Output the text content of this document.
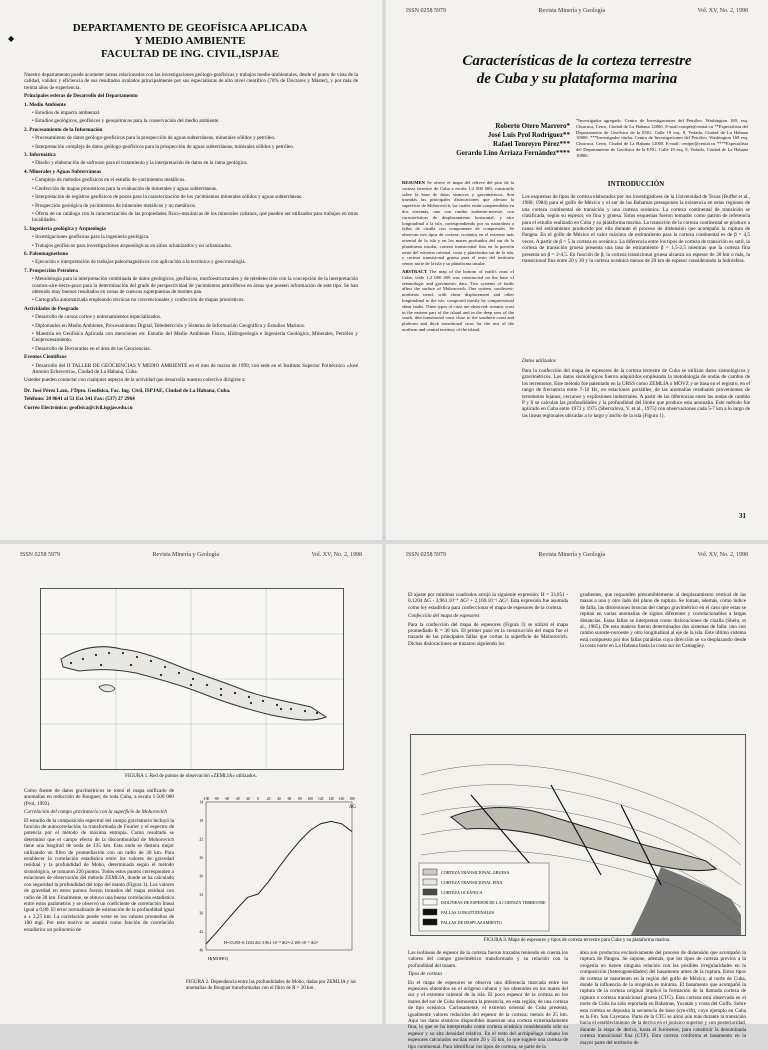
◆
DEPARTAMENTO DE GEOFÍSICA APLICADA
Y MEDIO AMBIENTE
FACULTAD DE ING. CIVIL,ISPJAE

Nuestro departamento puede acometer tareas relacionadas con las investigaciones geólogo-geofísicas y trabajos medio-ambientales, desde el punto de vista de la calidad, validez y eficiencia de sus resultados avalados principalmente por sus especialistas de alto nivel científico (70% de Doctores y Máster), y por más de treinta años de experiencia.

Principales esferas de Desarrollo del Departamento

1. Medio Ambiente

• Estudios de impacto ambiental.

• Estudios geológicos, geofísicos y geoquímicos para la conservación del medio ambiente.

2. Procesamiento de la Información

• Procesamiento de datos geólogo-geofísicos para la prospección de aguas subterráneas, minerales sólidos y petróleo.

• Interpretación compleja de datos geólogo-geofísicos para la prospección de aguas subterráneas, minerales sólidos y petróleo.

3. Informática

• Diseño y elaboración de software para el tratamiento y la interpretación de datos en la rama geológica.

4. Minerales y Aguas Subterráneas

• Complejo de métodos geofísicos en el estudio de yacimientos metálicos.

• Confección de mapas pronósticos para la evaluación de minerales y aguas subterráneas.

• Interpretación de registros geofísicos de pozos para la caracterización de los yacimientos minerales sólidos y aguas subterráneas.

• Prospección geológica de yacimientos de minerales metálicos y no metálicos.

• Oferta de un catálogo con la caracterización de las propiedades físico-mecánicas de los minerales cubanos, que pueden ser utilizados para trabajos en otras localidades.

5. Ingeniería geológica y Arqueología

• Investigaciones geofísicas para la ingeniería geológica.

• Trabajos geofísicos para investigaciones arqueológicas en sitios urbanizados y no urbanizados.

6. Paleomagnetismo

• Ejecución e interpretación de trabajos paleomagnéticos con aplicación a la tectónica y geocronología.

7. Prospección Petrolera

• Metodología para la interpretación combinada de datos geológicos, geofísicos, morfoestructurales y de teledetección con la concepción de la interpretación cosmos-aire-tierra-pozo para la determinación del grado de perspectividad de yacimientos petrolíferos en áreas que poseen información de este tipo. Se han obtenido muy buenos resultados en zonas de cuencas superpuestas de montes pan.

• Cartografía automatizada empleando técnicas no convencionales y confección de mapas pronósticos.

Actividades de Posgrado

• Desarrollo de cursos cortos y entrenamientos especializados.

• Diplomados en Medio Ambiente, Procesamiento Digital, Teledetección y Sistema de Información Geográfica y Estudios Marinos.

• Maestría en Geofísica Aplicada con menciones en: Estudio del Medio Ambiente Físico, Hidrogeología e Ingeniería Geológica, Minerales, Petróleo y Geoprocesamiento.

• Desarrollo de Doctorados en el área de las Geociencias.

Eventos Científicos

• Desarrollo del II TALLER DE GEOCIENCIAS Y MEDIO AMBIENTE en el mes de marzo de 1999, con sede en el Instituto Superior Politécnico «José Antonio Echeverría», Ciudad de La Habana, Cuba.

Ustedes pueden contactar con cualquier aspecto de la actividad que desarrolla nuestro colectivo dirigirse a:

Dr. José Pérez Lazo, J'Dpto. Geofísica, Fac. Ing. Civil, ISPJAE, Ciudad de La Habana, Cuba.

Teléfono: 20 8641 al 51 Ext 341 Fax: (537) 27 2964

Correo Electrónico: geofisica@civil.ispjae.edu.cu

ISSN 0258 5979	Revista Minería y Geología	Vol. XV, No. 2, 1998
Características de la corteza terrestre
de Cuba y su plataforma marina
Roberto Otero Marrero*
José Luis Prol Rodríguez**
Rafael Tenreyro Pérez***
Gerardo Lino Arriaza Fernández****
*Investigador agregado. Centro de Investigaciones del Petróleo. Washington 169, esq. Churruca, Cerro, Ciudad de La Habana 12000. E-mail:cenipet@ceniai.cu **Especialista del Departamento de Geofísica de la ENG. Calle 19 esq. 8, Vedado, Ciudad de La Habana 10800. ***Investigador titular. Centro de Investigaciones del Petróleo. Washington 169 esq. Churruca, Cerro, Ciudad de La Habana 12000. E-mail: cenipet@ceniai.cu ****Especialista del Departamento de Geofísica de la ENG. Calle 19 esq. 8, Vedado, Ciudad de La Habana 10800.

RESUMEN Se ofrece el mapa del relieve del piso de la corteza terrestre de Cuba a escala 1:2 000 000, construido sobre la base de datos sísmicos y gravimétricos. Son trazadas las principales dislocaciones que afectan la superficie de Mohorovich, las cuales están comprendidas en dos sistemas, uno con rumbo sudoeste-noreste, con características de desplazamiento horizontal, y otro longitudinal a la isla, correspondiendo por su naturaleza a fallas de cizalla con componente de compresión. Se observan tres tipos de corteza: oceánica en el extremo más oriental de la isla y en los mares profundos del sur de la plataforma insular, corteza transicional fina en la porción oeste del extremo oriental, costa y plataforma sur de la isla, y corteza transicional gruesa para el resto del territorio centro norte de la isla y su plataforma insular.

ABSTRACT The map of the bottom of earth's crust of Cuba, scale 1:2 000 000 was constructed on the base of seismologic and gravimetric data. Two systems of faults affect the surface of Mohorovich. One system, southwest-northeast trend, with shear displacement and other longitudinal to the isle, composed mostly by compressional shear faults. Three types of crust are observed: oceanic crust in the eastern part of the island and in the deep seas of the south, thin transitional crust close to the southern coast and platform and thick transitional crust for the rest of the northern and central territory of the island.

INTRODUCCIÓN
Los esquemas de tipos de corteza elaborados por los investigadores de la Universidad de Texas (Buffer et al., 1980; 1984) para el golfo de México y el sur de las Bahamas presuponen la existencia en estas regiones de una corteza continental de transición y una corteza oceánica. La corteza continental de transición se clasificada, según su espesor, en fina y gruesa. Estos esquemas fueron tomados como patrón de referencia para el estudio realizado en Cuba y su plataforma marina. La transición de la corteza continental se produce a causa del estiramiento producido por ella durante el proceso de distensión que acompañó la ruptura de Pangea. En el golfo de México el valor máximo de estiramiento para la corteza continental es de β = 4,5 veces. A partir de β = 5 la corteza es oceánica. La diferencia entre los tipos de corteza de transición es sutil, la corteza de transición gruesa presenta una tasa de estiramiento β = 1,5-2,5 mientras que la corteza fina presenta un β = 2-4,5. En función de β, la corteza transicional gruesa alcanza un espesor de 30 km o más, la transicional fina entre 20 y 30 y la corteza oceánica menos de 20 km de espesor considerando la hidrósfera.
Datos utilizados
Para la confección del mapa de espesores de la corteza terrestre de Cuba se utilizan datos sismológicos y gravimétricos. Los datos sismológicos fueron adquiridos empleando la metodología de ondas de cambio de los terremotos. Este método fue patentado en la URSS como ZEMLIA o MOVZ y se basa en el registro, en el rango de frecuencia entre 7-10 Hz, en estaciones portátiles, de las anomalías residuales provenientes de terremotos lejanos, cercanos y explosiones industriales. A partir de las diferencias entre las ondas de cambio P y S se calculan las profundidades y la profundidad del límite que produce esta anomalía. Este método fue aplicado en Cuba entre 1972 y 1975 (Shervalova, V. et al., 1975) con observaciones cada 5-7 km a lo largo de las líneas regionales ubicadas a lo largo y ancho de la isla (Figura 1).
31
ISSN 0258 5979	Revista Minería y Geología	Vol. XV, No. 2, 1998
FIGURA 1. Red de puntos de observación «ZEMLIA» utilizados.

Como fuente de datos gravimétricos se tomó el mapa unificado de anomalías en reducción de Bouguer, de toda Cuba, a escala 1:500 000 (Prol, 1993).

Correlación del campo gravitatorio con la superficie de Mohorovich

El estudio de la composición espectral del campo gravitatorio incluyó la función de autocorrelación, la transformada de Fourier y el espectro de potencia por el método de máxima entropía. Como resultado se determinó que el campo efecto de la discontinuidad de Mohorovich tiene una longitud de onda de 135 km. Esta onda se destaca mejor utilizando un filtro de promediación con un radio de 30 km. Para establecer la correlación estadística entre los valores de gravedad residual y la profundidad de Moho, determinada según el método sismológico, se tomaron 226 puntos. Todos estos puntos corresponden a estaciones de observación del método ZEMLIA, donde se ha calculado con seguridad la profundidad del topo del manto (Figura 1). Los valores de gravedad en estos puntos fueron tomados del mapa residual con radio de 30 km. Finalmente, se obtuvo una buena correlación estadística entre estos parámetros y se observó un coeficiente de correlación lineal igual a 0,80. El error normalizado de estimación de la profundidad igual a ± 2,25 km. La correlación puede verse en los valores promedios de 100 mgl. Por este motivo se asumió como función de correlación estadística un polinomio de

-100 -80 -60 -40 -20 0 20 40 60 80 100 120 140 160 180
14
18
22
26
30
34
38
42
46
ΔG
H(MOHO)
H=33,851-0,1204 ΔG-3,961·10⁻⁴ ΔG²+2,169·10⁻⁶ ΔG³
FIGURA 2. Dependencia entre las profundidades de Moho, dadas por ZEMLIA y las anomalías de Bouguer transformadas con el filtro de R = 30 km.
ISSN 0258 5979	Revista Minería y Geología	Vol. XV, No. 2, 1998

El ajuste por mínimos cuadrados arrojó la siguiente expresión: H = 33,851 - 0,1204 ΔG - 3,961.10⁻⁴ ΔG² + 2,169.10⁻⁶ ΔG³. Esta expresión fue asumida como ley estadística para confeccionar el mapa de espesores de la corteza.

Confección del mapa de espesores

Para la confección del mapa de espesores (Figura 3) se utilizó el mapa promediado R = 30 km. El primer paso en la construcción del mapa fue el trazado de las principales fallas que cortan la superficie de Mohorovich. Dichas dislocaciones se trazaron siguiendo los

gradientes, que responden presumiblemente al desplazamiento vertical de las masas a uno y otro lado del plano de ruptura. Se toman, además, como índice de falla, las distorsiones bruscas del campo gravimétrico en el caso que estas se repitan en varias anomalías de signos diferentes y correlacionables a largas distancias. Estas fallas se interpretan como dislocaciones de cizalla (Shein, et al., 1985). De esta manera fueron determinados dos sistemas de falla: uno con rumbo sureste-noroeste y otro longitudinal al eje de la isla. Este último sistema está compuesto por dos fallas paralelas cuya dirección se va desplazando desde la costa norte en La Habana hasta la costa sur en Camagüey.
CORTEZA TRANSICIONAL GRUESA
CORTEZA TRANSICIONAL FINA
CORTEZA OCEÁNICA
ISOLÍNEAS DE ESPESOR DE LA CORTEZA TERRESTRE
FALLAS LONGITUDINALES
FALLAS DE DESPLAZAMIENTO
FIGURA 3. Mapa de espesores y tipos de corteza terrestre para Cuba y su plataforma marina.

Las isolíneas de espesor de la corteza fueron trazadas teniendo en cuenta los valores del campo gravimétrico transformado y su relación con la profundidad del manto.

Tipos de corteza

En el mapa de espesores se observa una diferencia marcada entre los espesores obtenidos en el orógeno cubano y los obtenidos en los mares del sur y el extremo oriental de la isla. El poco espesor de la corteza en los mares del sur de Cuba demuestra la presencia, en esta región, de una corteza de tipo oceánica. Curiosamente, el extremo oriental de Cuba presenta, igualmente valores reducidos del espesor de la corteza: menos de 25 km. Aquí los datos sísmicos disponibles muestran una corteza extremadamente fina, lo que se ha interpretado como corteza oceánica considerando sólo su espesor y su alta densidad relativa. En el resto del archipiélago cubano los espesores calculados oscilan entre 20 y 35 km, lo que sugiere una corteza de tipo continental. Para identificar los tipos de corteza, se parte de la

área son productos exclusivamente del proceso de distensión que acompañó la ruptura de Pangea. Se supone, además, que los tipos de corteza previos a la orogenia no tienen ninguna relación con las posibles irregularidades en la composición (heterogeneidades) del basamento antes de la ruptura. Estos tipos de corteza se mantienen en la región del golfo de México, al norte de Cuba, donde la influencia de la orogenia es mínima. El basamento que acompañó la ruptura de la corteza original implicó la formación de la llamada corteza de ruptura o corteza transicional gruesa (CTG). Esta corteza está observada en el norte de Cuba ha sido reportada en Bahamas, Yucatán y costa del Golfo. Sobre esta corteza se deposita la secuencia de base (syn-rift), cuyo ejemplo en Cuba es la Fm. San Cayetano. Parte de la CTG se alinó aún más durante la transición hacia el establecimiento de la deriva en el jurásico superior y con posterioridad, durante la etapa de deriva, hasta el furonense, para constituir la denominada corteza transicional fina (CTF). Esta corteza conforma el basamento en la mayor parte del territorio de
